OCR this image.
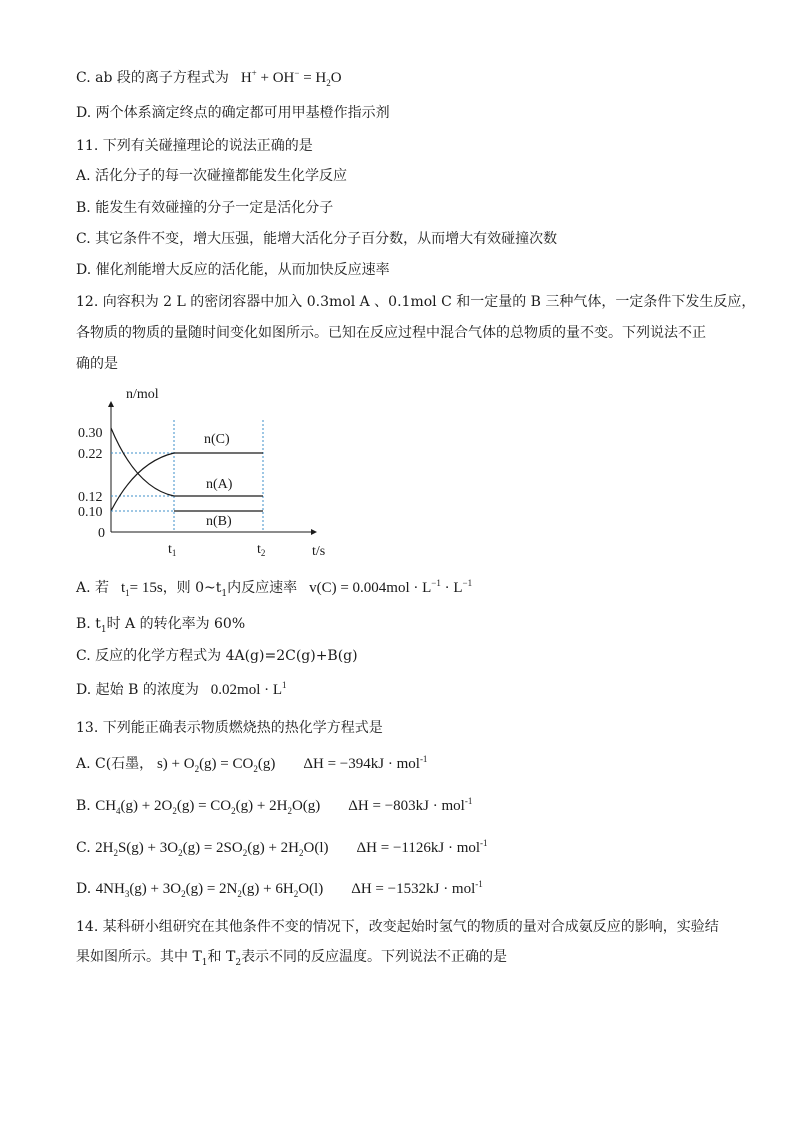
C. ab 段的离子方程式为   $H^+ + OH^- = H_2O$
D. 两个体系滴定终点的确定都可用甲基橙作指示剂
11. 下列有关碰撞理论的说法正确的是
A. 活化分子的每一次碰撞都能发生化学反应
B. 能发生有效碰撞的分子一定是活化分子
C. 其它条件不变，增大压强，能增大活化分子百分数，从而增大有效碰撞次数
D. 催化剂能增大反应的活化能，从而加快反应速率
12. 向容积为 2 L 的密闭容器中加入 0.3mol A 、0.1mol C 和一定量的 B 三种气体，一定条件下发生反应，
各物质的物质的量随时间变化如图所示。已知在反应过程中混合气体的总物质的量不变。下列说法不正
确的是
n/mol
t/s
0.30
0.22
0.12
0.10
0
n(C)
n(A)
n(B)
$t_1$	$t_2$
A. 若   $t_1= 15s$，则 $0\sim t_1$内反应速率   $v(C) = 0.004mol \cdot L^{-1} \cdot L^{-1}$
B. $t_1$时 A 的转化率为 60%
C. 反应的化学方程式为 4A(g)=2C(g)+B(g)
D. 起始 B 的浓度为   $0.02mol \cdot L^1$
13. 下列能正确表示物质燃烧热的热化学方程式是
A. C(石墨， $s) + O_2(g) = CO_2(g) \Delta H = -394kJ \cdot mol^{-1}$
B. $CH_4(g) + 2O_2(g) = CO_2(g) + 2H_2O(g) \Delta H = -803kJ \cdot mol^{-1}$
C. $2H_2S(g) + 3O_2(g) = 2SO_2(g) + 2H_2O(l) \Delta H = -1126kJ \cdot mol^{-1}$
D. $4NH_3(g) + 3O_2(g) = 2N_2(g) + 6H_2O(l) \Delta H = -1532kJ \cdot mol^{-1}$
14. 某科研小组研究在其他条件不变的情况下，改变起始时氢气的物质的量对合成氨反应的影响，实验结
果如图所示。其中 $T_1$和 $T_2$表示不同的反应温度。下列说法不正确的是
